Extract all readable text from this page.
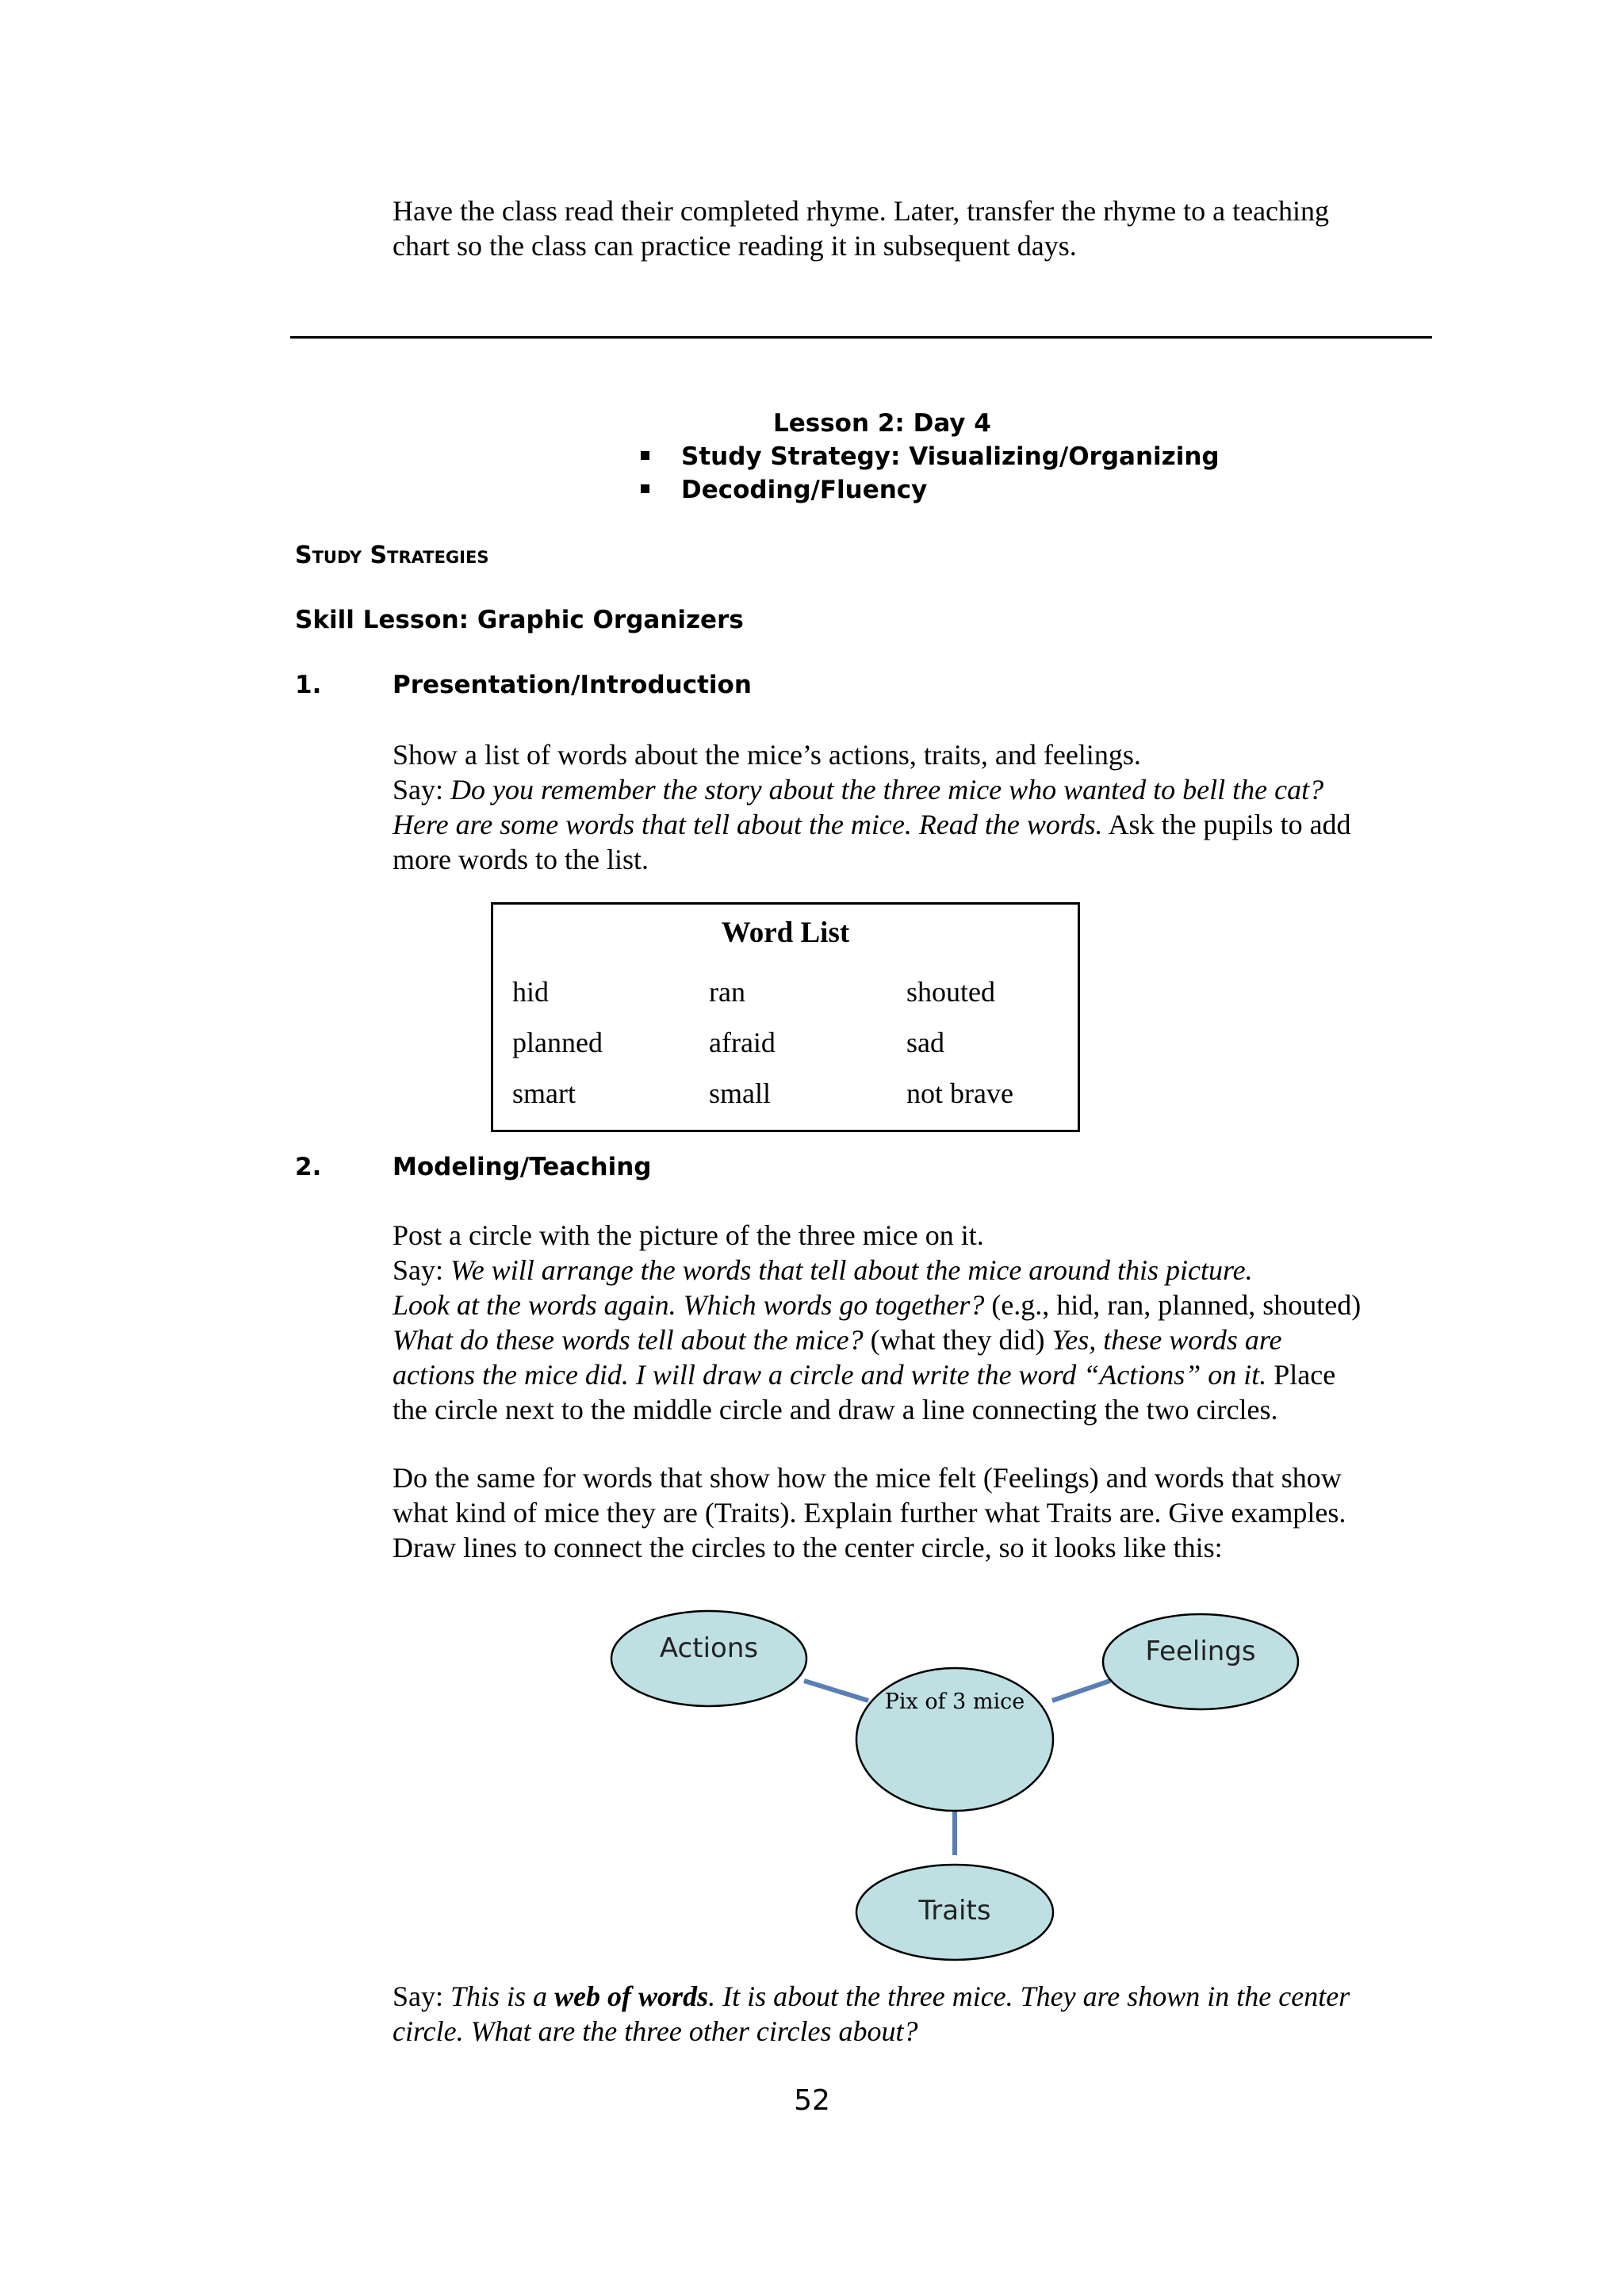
Have the class read their completed rhyme. Later, transfer the rhyme to a teaching

chart so the class can practice reading it in subsequent days.

Lesson 2: Day 4
Study Strategy: Visualizing/Organizing
Decoding/Fluency
Study Strategies
Skill Lesson: Graphic Organizers
1.	Presentation/Introduction

Show a list of words about the mice’s actions, traits, and feelings.

Say: Do you remember the story about the three mice who wanted to bell the cat?

Here are some words that tell about the mice. Read the words. Ask the pupils to add

more words to the list.

Word List
hid	ran	shouted
planned	afraid	sad
smart	small	not brave
2.	Modeling/Teaching

Post a circle with the picture of the three mice on it.

Say: We will arrange the words that tell about the mice around this picture.

Look at the words again. Which words go together? (e.g., hid, ran, planned, shouted)

What do these words tell about the mice? (what they did) Yes, these words are

actions the mice did. I will draw a circle and write the word “Actions” on it. Place

the circle next to the middle circle and draw a line connecting the two circles.

Do the same for words that show how the mice felt (Feelings) and words that show

what kind of mice they are (Traits). Explain further what Traits are. Give examples.

Draw lines to connect the circles to the center circle, so it looks like this:

Actions	Feelings
Pix of 3 mice
Traits

Say: This is a web of words. It is about the three mice. They are shown in the center

circle. What are the three other circles about?

52
